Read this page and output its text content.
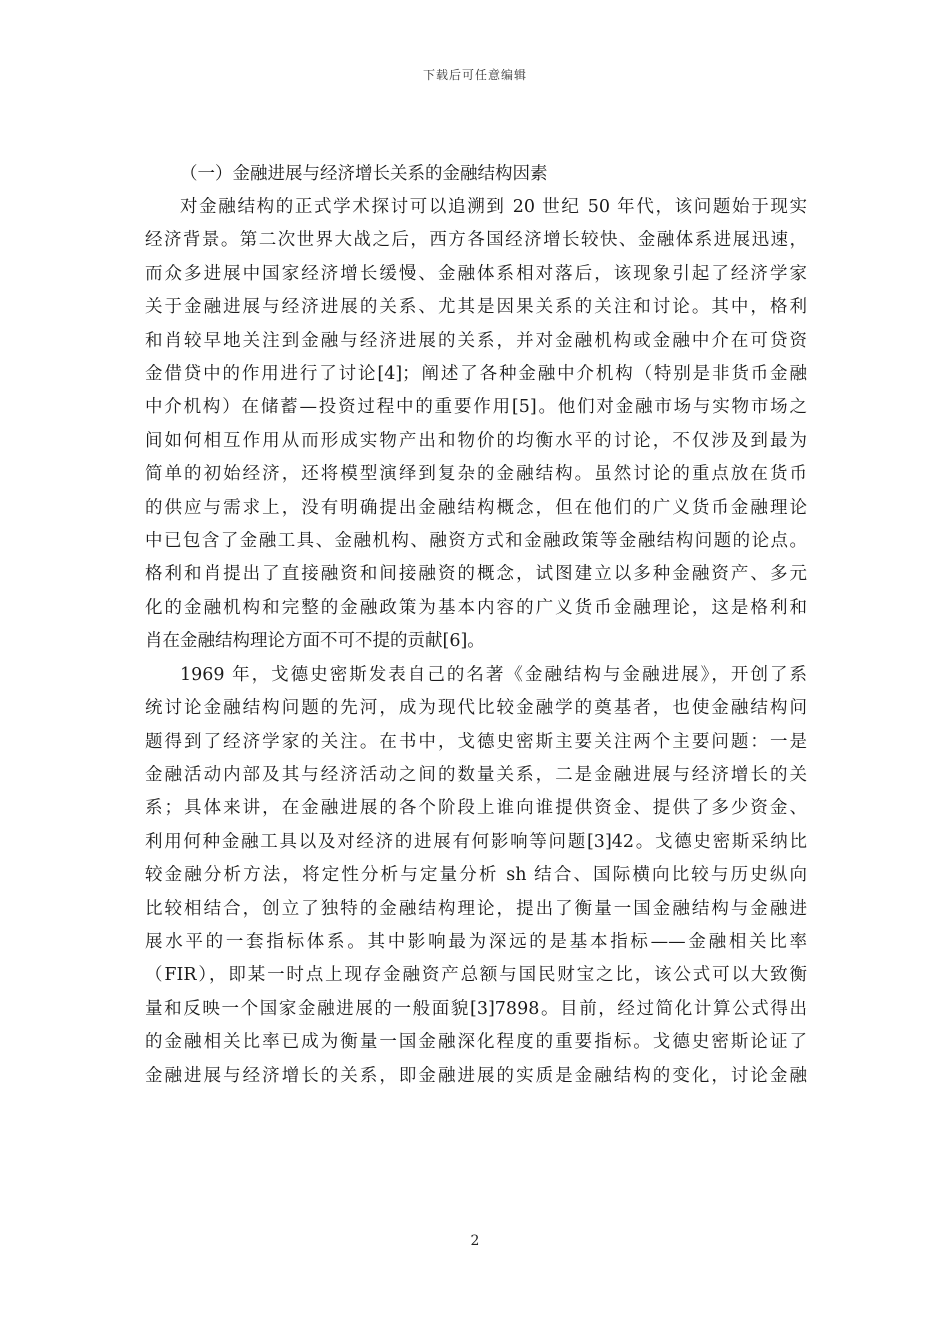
下载后可任意编辑
（一）金融进展与经济增长关系的金融结构因素

对金融结构的正式学术探讨可以追溯到 20 世纪 50 年代，该问题始于现实
经济背景。第二次世界大战之后，西方各国经济增长较快、金融体系进展迅速，
而众多进展中国家经济增长缓慢、金融体系相对落后，该现象引起了经济学家
关于金融进展与经济进展的关系、尤其是因果关系的关注和讨论。其中，格利
和肖较早地关注到金融与经济进展的关系，并对金融机构或金融中介在可贷资
金借贷中的作用进行了讨论[4]；阐述了各种金融中介机构（特别是非货币金融
中介机构）在储蓄—投资过程中的重要作用[5]。他们对金融市场与实物市场之
间如何相互作用从而形成实物产出和物价的均衡水平的讨论，不仅涉及到最为
简单的初始经济，还将模型演绎到复杂的金融结构。虽然讨论的重点放在货币
的供应与需求上，没有明确提出金融结构概念，但在他们的广义货币金融理论
中已包含了金融工具、金融机构、融资方式和金融政策等金融结构问题的论点。
格利和肖提出了直接融资和间接融资的概念，试图建立以多种金融资产、多元
化的金融机构和完整的金融政策为基本内容的广义货币金融理论，这是格利和
肖在金融结构理论方面不可不提的贡献[6]。

1969 年，戈德史密斯发表自己的名著《金融结构与金融进展》，开创了系
统讨论金融结构问题的先河，成为现代比较金融学的奠基者，也使金融结构问
题得到了经济学家的关注。在书中，戈德史密斯主要关注两个主要问题：一是
金融活动内部及其与经济活动之间的数量关系，二是金融进展与经济增长的关
系；具体来讲，在金融进展的各个阶段上谁向谁提供资金、提供了多少资金、
利用何种金融工具以及对经济的进展有何影响等问题[3]42。戈德史密斯采纳比
较金融分析方法，将定性分析与定量分析 sh 结合、国际横向比较与历史纵向
比较相结合，创立了独特的金融结构理论，提出了衡量一国金融结构与金融进
展水平的一套指标体系。其中影响最为深远的是基本指标——金融相关比率
（FIR），即某一时点上现存金融资产总额与国民财宝之比，该公式可以大致衡
量和反映一个国家金融进展的一般面貌[3]7898。目前，经过简化计算公式得出
的金融相关比率已成为衡量一国金融深化程度的重要指标。戈德史密斯论证了
金融进展与经济增长的关系，即金融进展的实质是金融结构的变化，讨论金融

2
